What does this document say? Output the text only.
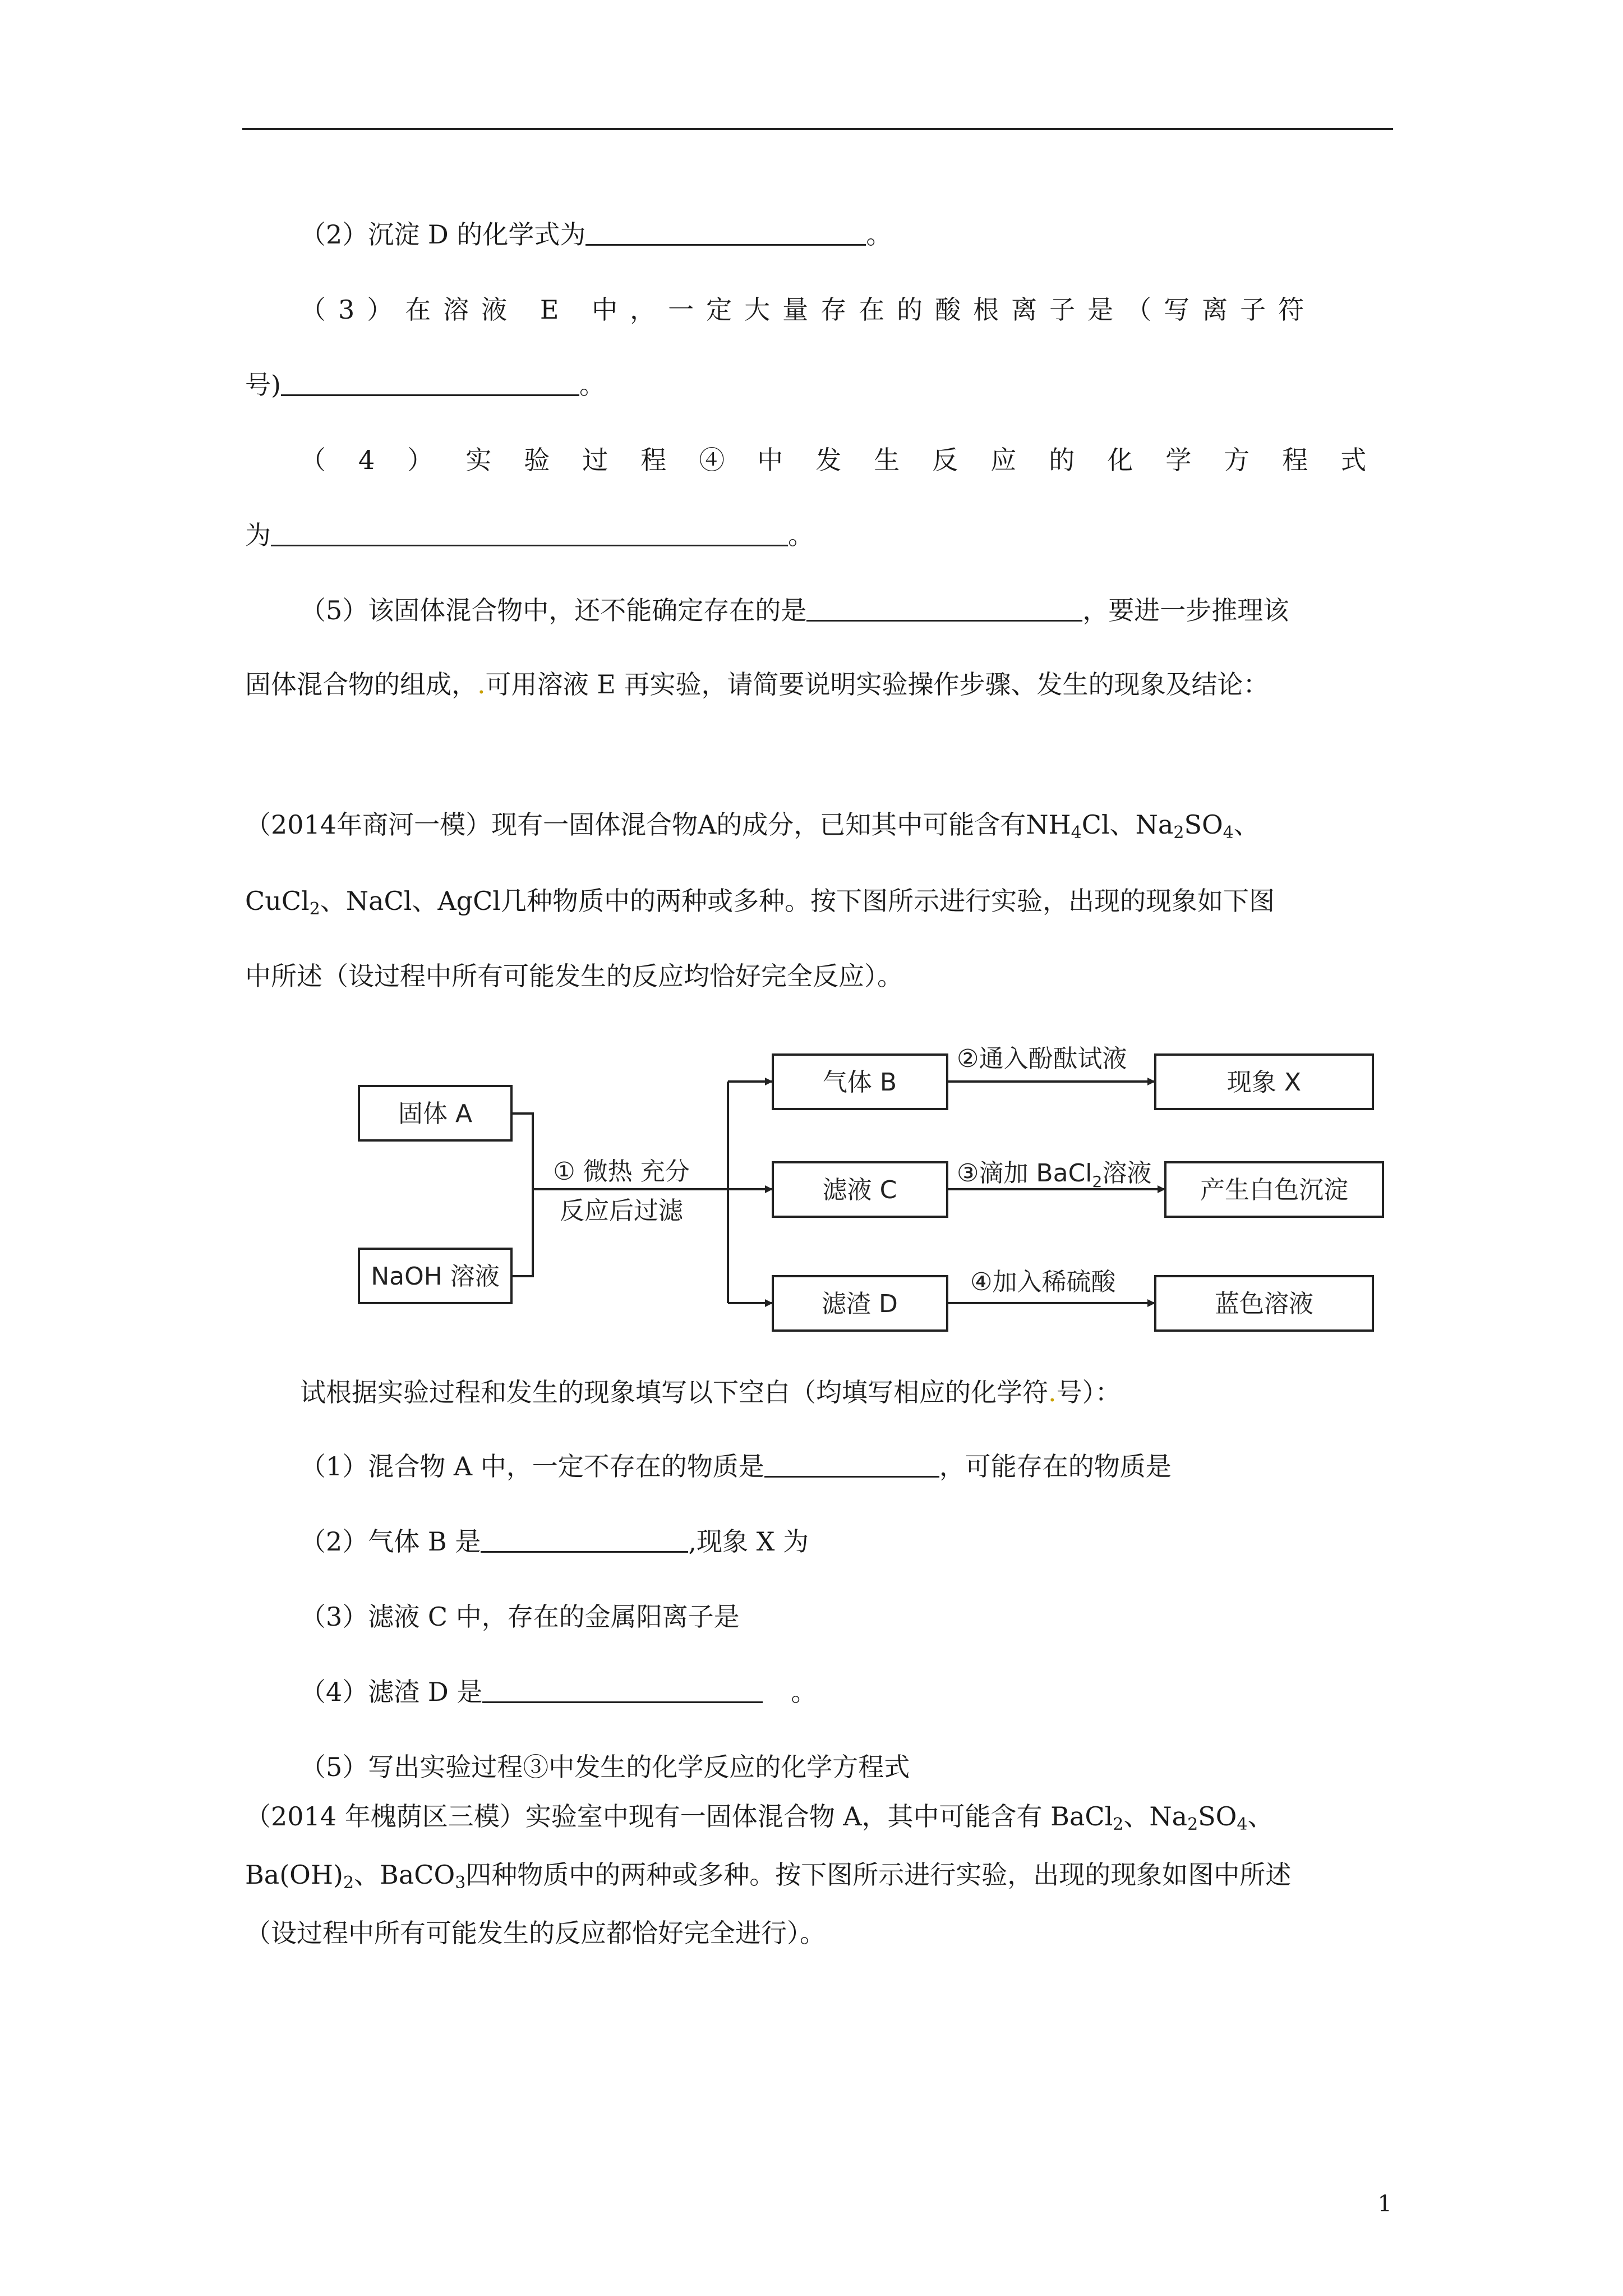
（2）沉淀 D 的化学式为	。
（3）在溶液 E 中，一定大量存在的酸根离子是（写离子符
号)	。
（4）实验过程④中发生反应的化学方程式
为	。
（5）该固体混合物中，还不能确定存在的是	，要进一步推理该
固体混合物的组成，.可用溶液 E 再实验，请简要说明实验操作步骤、发生的现象及结论：
（2014年商河一模）现有一固体混合物A的成分，已知其中可能含有$NH_4Cl$、$Na_2SO_4$、
CuCl$_2$、NaCl、AgCl几种物质中的两种或多种。按下图所示进行实验，出现的现象如下图
中所述（设过程中所有可能发生的反应均恰好完全反应）。
固体 A
NaOH 溶液
① 微热 充分
反应后过滤
气体 B
滤液 C
滤渣 D
②通入酚酞试液
③滴加 BaCl$_2$溶液
④加入稀硫酸
现象 X
产生白色沉淀
蓝色溶液
试根据实验过程和发生的现象填写以下空白（均填写相应的化学符.号）：
（1）混合物 A 中，一定不存在的物质是	，可能存在的物质是
（2）气体 B 是	,现象 X 为
（3）滤液 C 中，存在的金属阳离子是
（4）滤渣 D 是	。
（5）写出实验过程③中发生的化学反应的化学方程式
（2014 年槐荫区三模）实验室中现有一固体混合物 A，其中可能含有 BaCl$_2$、$Na_2SO_4$、
$Ba(OH)_2$、BaCO$_3$四种物质中的两种或多种。按下图所示进行实验，出现的现象如图中所述
（设过程中所有可能发生的反应都恰好完全进行）。
1
